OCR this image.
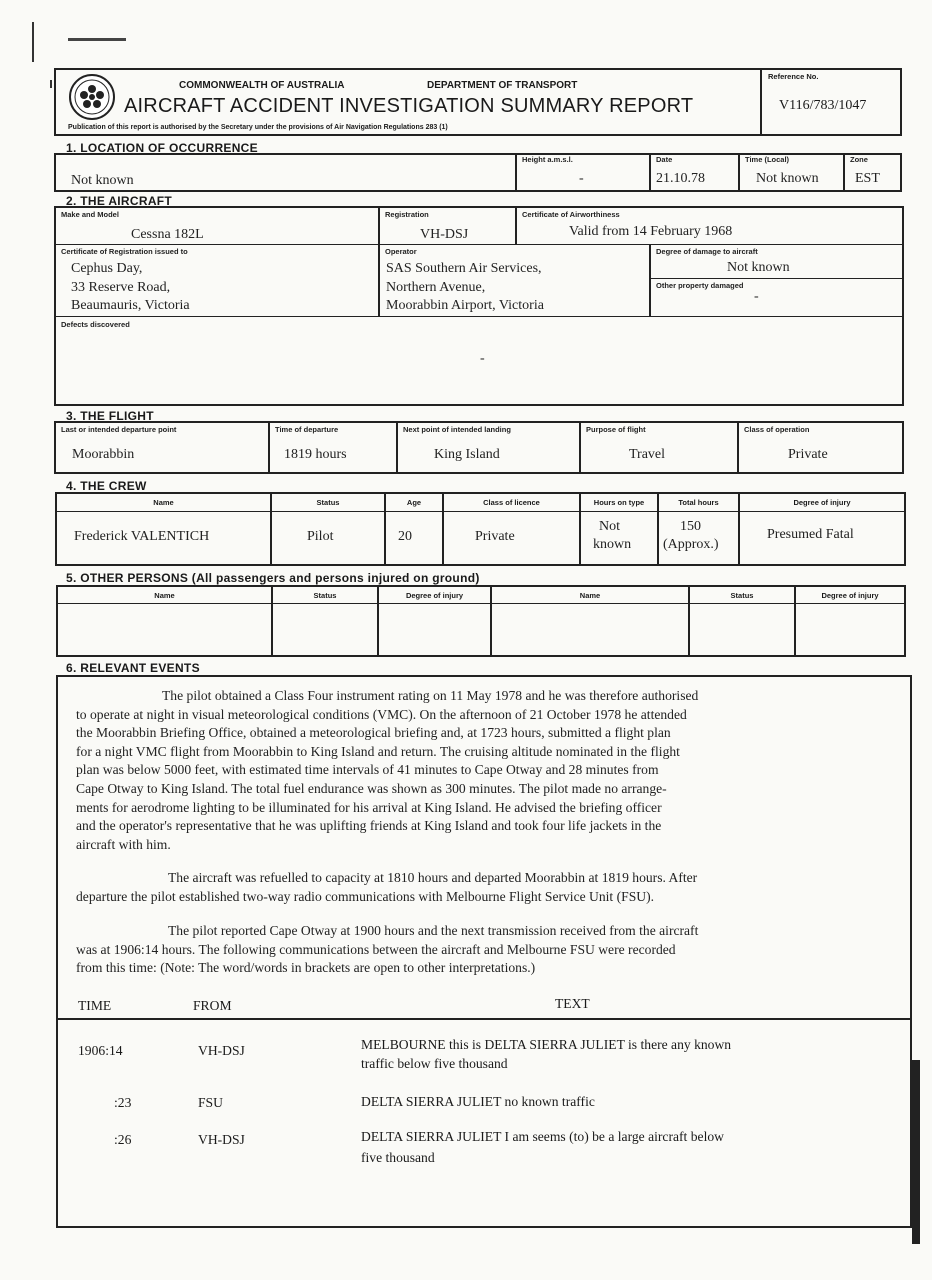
COMMONWEALTH OF AUSTRALIA	DEPARTMENT OF TRANSPORT
AIRCRAFT ACCIDENT INVESTIGATION SUMMARY REPORT
Publication of this report is authorised by the Secretary under the provisions of Air Navigation Regulations 283 (1)
Reference No.
V116/783/1047
1. LOCATION OF OCCURRENCE
Not known
Height a.m.s.l.
-
Date
21.10.78
Time (Local)
Not known
Zone
EST
2. THE AIRCRAFT
Make and Model
Cessna 182L
Registration
VH-DSJ
Certificate of Airworthiness
Valid from 14 February 1968
Certificate of Registration issued to
Cephus Day,
33 Reserve Road,
Beaumauris, Victoria
Operator
SAS Southern Air Services,
Northern Avenue,
Moorabbin Airport, Victoria
Degree of damage to aircraft
Not known
Other property damaged
-
Defects discovered
-
3. THE FLIGHT
Last or intended departure point
Moorabbin
Time of departure
1819 hours
Next point of intended landing
King Island
Purpose of flight
Travel
Class of operation
Private
4. THE CREW
Name
Frederick VALENTICH
Status
Pilot
Age
20
Class of licence
Private
Hours on type
Not
known
Total hours
150
(Approx.)
Degree of injury
Presumed Fatal
5. OTHER PERSONS (All passengers and persons injured on ground)
Name	Status	Degree of injury	Name	Status	Degree of injury
6. RELEVANT EVENTS

The pilot obtained a Class Four instrument rating on 11 May 1978 and he was therefore authorised

to operate at night in visual meteorological conditions (VMC). On the afternoon of 21 October 1978 he attended

the Moorabbin Briefing Office, obtained a meteorological briefing and, at 1723 hours, submitted a flight plan

for a night VMC flight from Moorabbin to King Island and return. The cruising altitude nominated in the flight

plan was below 5000 feet, with estimated time intervals of 41 minutes to Cape Otway and 28 minutes from

Cape Otway to King Island. The total fuel endurance was shown as 300 minutes. The pilot made no arrange-

ments for aerodrome lighting to be illuminated for his arrival at King Island. He advised the briefing officer

and the operator's representative that he was uplifting friends at King Island and took four life jackets in the

aircraft with him.

The aircraft was refuelled to capacity at 1810 hours and departed Moorabbin at 1819 hours. After

departure the pilot established two-way radio communications with Melbourne Flight Service Unit (FSU).

The pilot reported Cape Otway at 1900 hours and the next transmission received from the aircraft

was at 1906:14 hours. The following communications between the aircraft and Melbourne FSU were recorded

from this time: (Note: The word/words in brackets are open to other interpretations.)

TIME	FROM	TEXT
1906:14	VH-DSJ	MELBOURNE this is DELTA SIERRA JULIET is there any known
traffic below five thousand
:23	FSU	DELTA SIERRA JULIET no known traffic
:26	VH-DSJ	DELTA SIERRA JULIET I am seems (to) be a large aircraft below
five thousand
